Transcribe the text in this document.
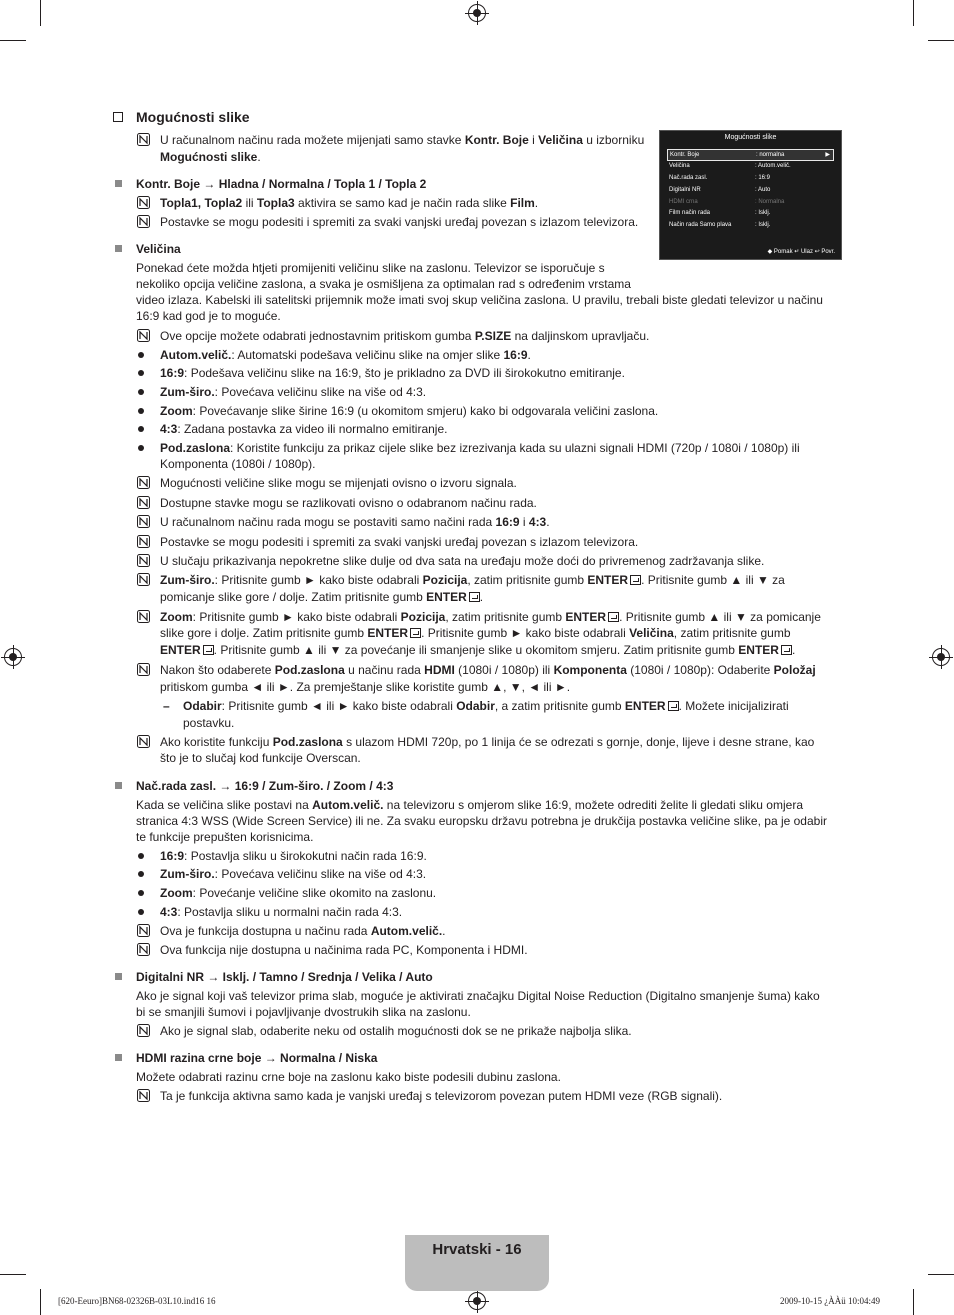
Mogućnosti slike
U računalnom načinu rada možete mijenjati samo stavke Kontr. Boje i Veličina u izborniku
Mogućnosti slike.
Mogućnosti slike
Kontr. Boje	: normalna	▶
Veličina	: Autom.velič.
Nač.rada zasl.	: 16:9
Digitalni NR	: Auto
HDMI crna	: Normalna
Film način rada	: Isklj.
Način rada Samo plava	: Isklj.
◆ Pomak ↵ Ulaz ↩ Povr.
Kontr. Boje → Hladna / Normalna / Topla 1 / Topla 2
Topla1, Topla2 ili Topla3 aktivira se samo kad je način rada slike Film.
Postavke se mogu podesiti i spremiti za svaki vanjski uređaj povezan s izlazom televizora.
Veličina
Ponekad ćete možda htjeti promijeniti veličinu slike na zaslonu. Televizor se isporučuje s
nekoliko opcija veličine zaslona, a svaka je osmišljena za optimalan rad s određenim vrstama
video izlaza. Kabelski ili satelitski prijemnik može imati svoj skup veličina zaslona. U pravilu, trebali biste gledati televizor u načinu
16:9 kad god je to moguće.
Ove opcije možete odabrati jednostavnim pritiskom gumba P.SIZE na daljinskom upravljaču.
Autom.velič.: Automatski podešava veličinu slike na omjer slike 16:9.
16:9: Podešava veličinu slike na 16:9, što je prikladno za DVD ili širokokutno emitiranje.
Zum-širo.: Povećava veličinu slike na više od 4:3.
Zoom: Povećavanje slike širine 16:9 (u okomitom smjeru) kako bi odgovarala veličini zaslona.
4:3: Zadana postavka za video ili normalno emitiranje.
Pod.zaslona: Koristite funkciju za prikaz cijele slike bez izrezivanja kada su ulazni signali HDMI (720p / 1080i / 1080p) ili
Komponenta (1080i / 1080p).
Mogućnosti veličine slike mogu se mijenjati ovisno o izvoru signala.
Dostupne stavke mogu se razlikovati ovisno o odabranom načinu rada.
U računalnom načinu rada mogu se postaviti samo načini rada 16:9 i 4:3.
Postavke se mogu podesiti i spremiti za svaki vanjski uređaj povezan s izlazom televizora.
U slučaju prikazivanja nepokretne slike dulje od dva sata na uređaju može doći do privremenog zadržavanja slike.
Zum-širo.: Pritisnite gumb ► kako biste odabrali Pozicija, zatim pritisnite gumb ENTER . Pritisnite gumb ▲ ili ▼ za
pomicanje slike gore / dolje. Zatim pritisnite gumb ENTER .
Zoom: Pritisnite gumb ► kako biste odabrali Pozicija, zatim pritisnite gumb ENTER . Pritisnite gumb ▲ ili ▼ za pomicanje
slike gore i dolje. Zatim pritisnite gumb ENTER . Pritisnite gumb ► kako biste odabrali Veličina, zatim pritisnite gumb
ENTER . Pritisnite gumb ▲ ili ▼ za povećanje ili smanjenje slike u okomitom smjeru. Zatim pritisnite gumb ENTER .
Nakon što odaberete Pod.zaslona u načinu rada HDMI (1080i / 1080p) ili Komponenta (1080i / 1080p): Odaberite Položaj
pritiskom gumba ◄ ili ►. Za premještanje slike koristite gumb ▲, ▼, ◄ ili ►.
– Odabir: Pritisnite gumb ◄ ili ► kako biste odabrali Odabir, a zatim pritisnite gumb ENTER . Možete inicijalizirati
postavku.
Ako koristite funkciju Pod.zaslona s ulazom HDMI 720p, po 1 linija će se odrezati s gornje, donje, lijeve i desne strane, kao
što je to slučaj kod funkcije Overscan.
Nač.rada zasl. → 16:9 / Zum-širo. / Zoom / 4:3
Kada se veličina slike postavi na Autom.velič. na televizoru s omjerom slike 16:9, možete odrediti želite li gledati sliku omjera
stranica 4:3 WSS (Wide Screen Service) ili ne. Za svaku europsku državu potrebna je drukčija postavka veličine slike, pa je odabir
te funkcije prepušten korisnicima.
16:9: Postavlja sliku u širokokutni način rada 16:9.
Zum-širo.: Povećava veličinu slike na više od 4:3.
Zoom: Povećanje veličine slike okomito na zaslonu.
4:3: Postavlja sliku u normalni način rada 4:3.
Ova je funkcija dostupna u načinu rada Autom.velič..
Ova funkcija nije dostupna u načinima rada PC, Komponenta i HDMI.
Digitalni NR → Isklj. / Tamno / Srednja / Velika / Auto
Ako je signal koji vaš televizor prima slab, moguće je aktivirati značajku Digital Noise Reduction (Digitalno smanjenje šuma) kako
bi se smanjili šumovi i pojavljivanje dvostrukih slika na zaslonu.
Ako je signal slab, odaberite neku od ostalih mogućnosti dok se ne prikaže najbolja slika.
HDMI razina crne boje → Normalna / Niska
Možete odabrati razinu crne boje na zaslonu kako biste podesili dubinu zaslona.
Ta je funkcija aktivna samo kada je vanjski uređaj s televizorom povezan putem HDMI veze (RGB signali).
Hrvatski - 16
[620-Eeuro]BN68-02326B-03L10.ind16 16	2009-10-15 ¿ÀÀü 10:04:49
